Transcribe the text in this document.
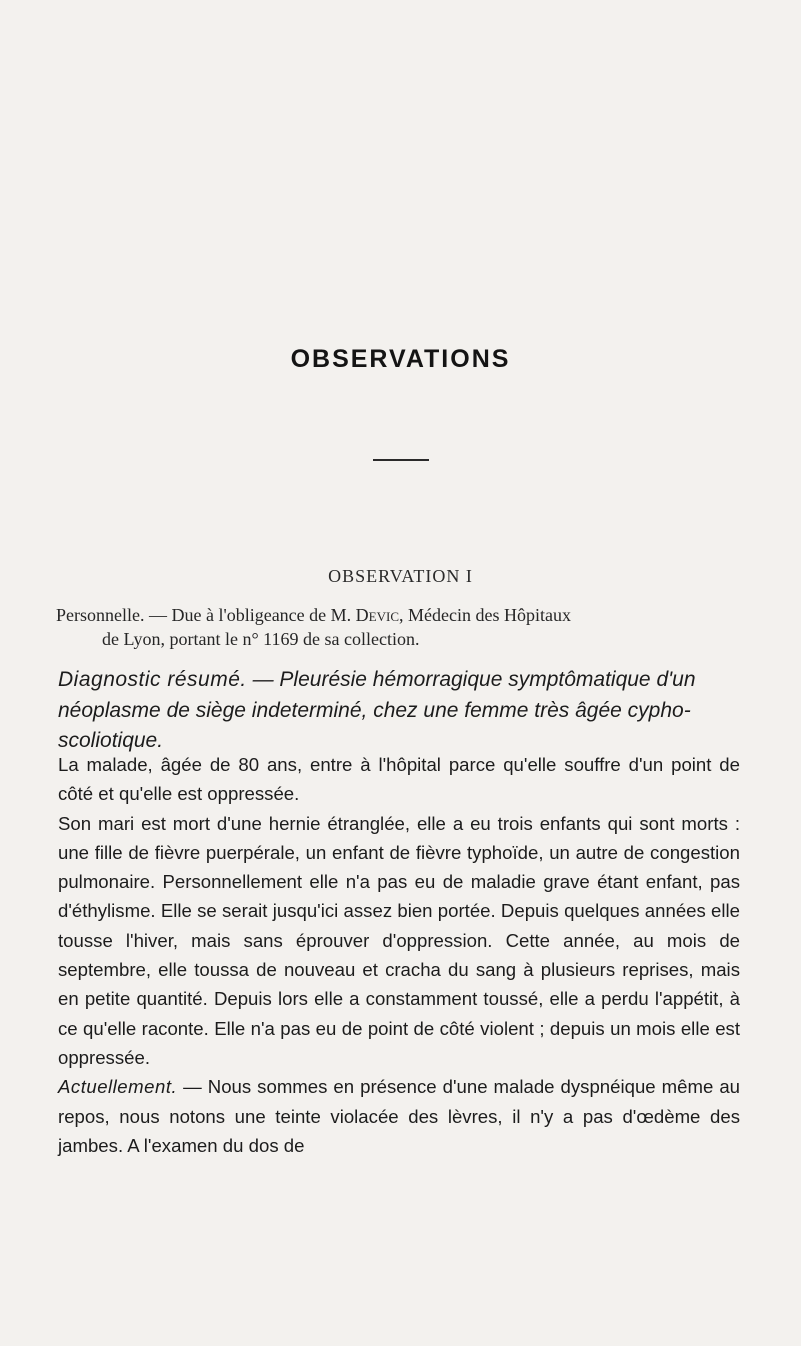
OBSERVATIONS
OBSERVATION I
Personnelle. — Due à l'obligeance de M. Devic, Médecin des Hôpitaux
de Lyon, portant le n° 1169 de sa collection.
Diagnostic résumé. — Pleurésie hémorragique symptômatique d'un néoplasme de siège indeterminé, chez une femme très âgée cypho-scoliotique.

La malade, âgée de 80 ans, entre à l'hôpital parce qu'elle souffre d'un point de côté et qu'elle est oppressée.

Son mari est mort d'une hernie étranglée, elle a eu trois enfants qui sont morts : une fille de fièvre puerpérale, un enfant de fièvre typhoïde, un autre de congestion pulmonaire. Personnellement elle n'a pas eu de maladie grave étant enfant, pas d'éthylisme. Elle se serait jusqu'ici assez bien portée. Depuis quelques années elle tousse l'hiver, mais sans éprouver d'oppression. Cette année, au mois de septembre, elle toussa de nouveau et cracha du sang à plusieurs reprises, mais en petite quantité. Depuis lors elle a constamment toussé, elle a perdu l'appétit, à ce qu'elle raconte. Elle n'a pas eu de point de côté violent ; depuis un mois elle est oppressée.

Actuellement. — Nous sommes en présence d'une malade dyspnéique même au repos, nous notons une teinte violacée des lèvres, il n'y a pas d'œdème des jambes. A l'examen du dos de
